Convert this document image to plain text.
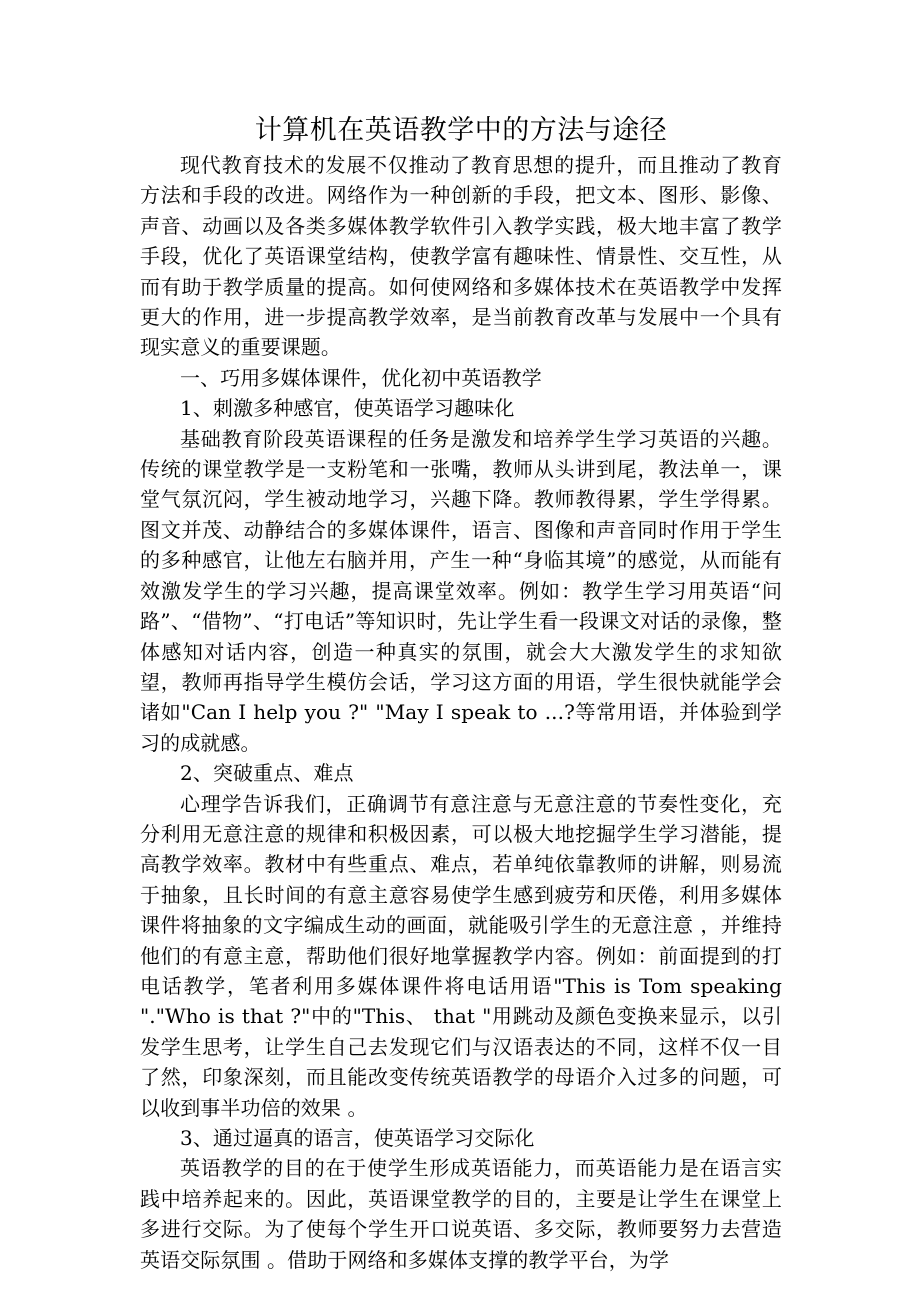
计算机在英语教学中的方法与途径

现代教育技术的发展不仅推动了教育思想的提升，而且推动了教育方法和手段的改进。网络作为一种创新的手段，把文本、图形、影像、声音、动画以及各类多媒体教学软件引入教学实践，极大地丰富了教学手段，优化了英语课堂结构，使教学富有趣味性、情景性、交互性，从而有助于教学质量的提高。如何使网络和多媒体技术在英语教学中发挥更大的作用，进一步提高教学效率，是当前教育改革与发展中一个具有现实意义的重要课题。

一、巧用多媒体课件，优化初中英语教学

1、刺激多种感官，使英语学习趣味化

基础教育阶段英语课程的任务是激发和培养学生学习英语的兴趣。传统的课堂教学是一支粉笔和一张嘴，教师从头讲到尾，教法单一，课堂气氛沉闷，学生被动地学习，兴趣下降。教师教得累，学生学得累。图文并茂、动静结合的多媒体课件，语言、图像和声音同时作用于学生的多种感官，让他左右脑并用，产生一种“身临其境”的感觉，从而能有效激发学生的学习兴趣，提高课堂效率。例如：教学生学习用英语“问路”、“借物”、“打电话”等知识时，先让学生看一段课文对话的录像，整体感知对话内容，创造一种真实的氛围，就会大大激发学生的求知欲望，教师再指导学生模仿会话，学习这方面的用语，学生很快就能学会诸如"Can I help you ?" "May I speak to ...?等常用语，并体验到学习的成就感。

2、突破重点、难点

心理学告诉我们，正确调节有意注意与无意注意的节奏性变化，充分利用无意注意的规律和积极因素，可以极大地挖掘学生学习潜能，提高教学效率。教材中有些重点、难点，若单纯依靠教师的讲解，则易流于抽象，且长时间的有意主意容易使学生感到疲劳和厌倦，利用多媒体课件将抽象的文字编成生动的画面，就能吸引学生的无意注意 ，并维持他们的有意主意，帮助他们很好地掌握教学内容。例如：前面提到的打电话教学，笔者利用多媒体课件将电话用语"This is Tom speaking "."Who is that ?"中的"This、 that "用跳动及颜色变换来显示，以引发学生思考，让学生自己去发现它们与汉语表达的不同，这样不仅一目了然，印象深刻，而且能改变传统英语教学的母语介入过多的问题，可以收到事半功倍的效果 。

3、通过逼真的语言，使英语学习交际化

英语教学的目的在于使学生形成英语能力，而英语能力是在语言实践中培养起来的。因此，英语课堂教学的目的，主要是让学生在课堂上多进行交际。为了使每个学生开口说英语、多交际，教师要努力去营造英语交际氛围 。借助于网络和多媒体支撑的教学平台，为学
